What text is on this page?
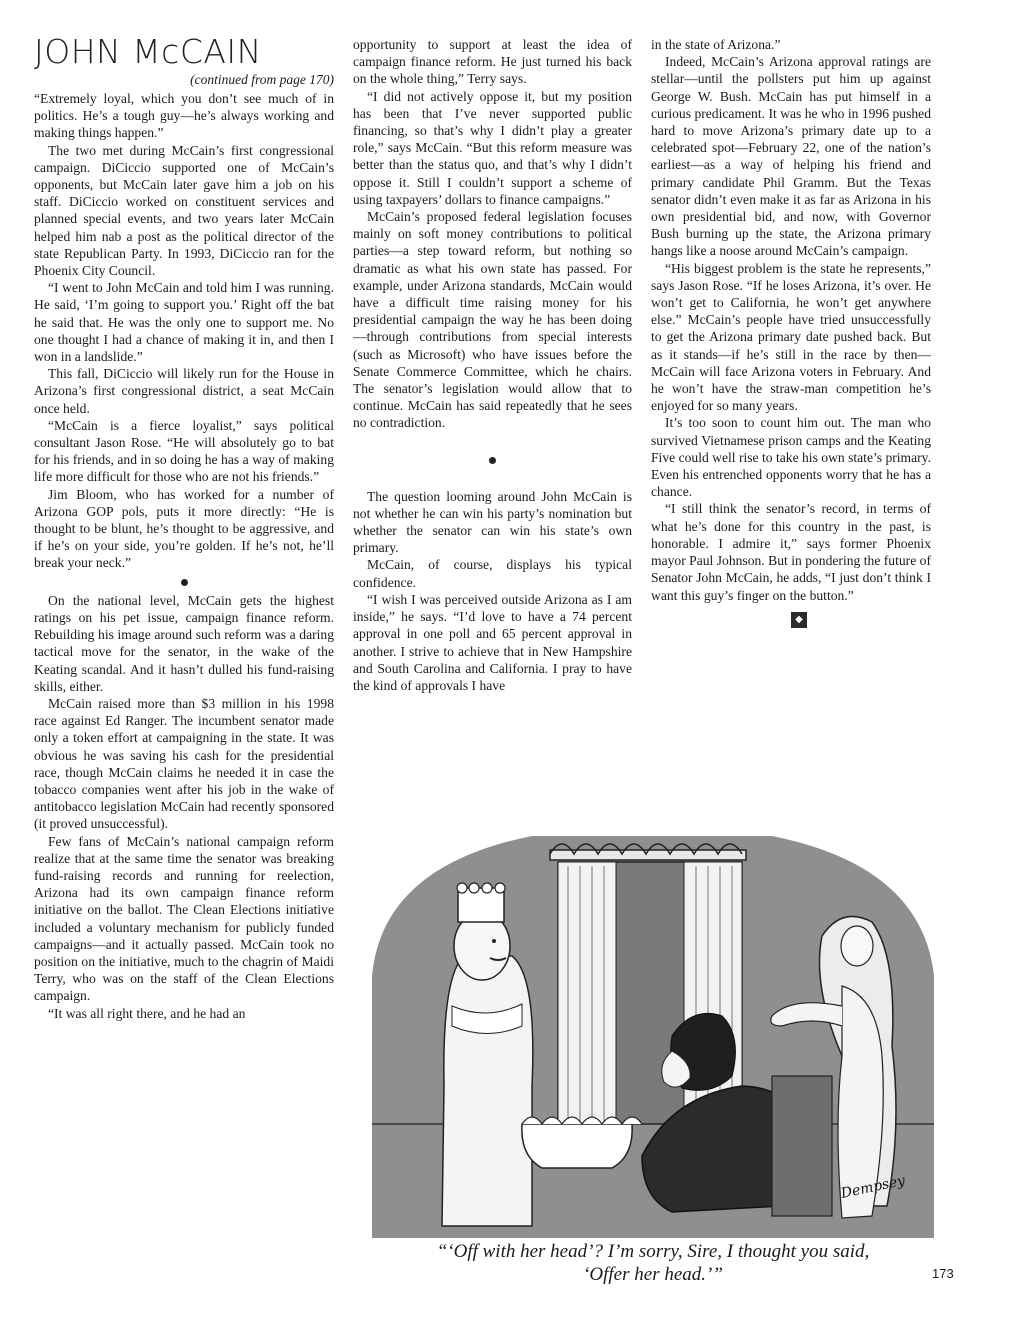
JOHN McCAIN
(continued from page 170)

“Extremely loyal, which you don’t see much of in politics. He’s a tough guy—he’s always working and making things happen.”

The two met during McCain’s first congressional campaign. DiCiccio supported one of McCain’s opponents, but McCain later gave him a job on his staff. DiCiccio worked on constituent services and planned special events, and two years later McCain helped him nab a post as the political director of the state Republican Party. In 1993, DiCiccio ran for the Phoenix City Council.

“I went to John McCain and told him I was running. He said, ‘I’m going to support you.’ Right off the bat he said that. He was the only one to support me. No one thought I had a chance of making it in, and then I won in a landslide.”

This fall, DiCiccio will likely run for the House in Arizona’s first congressional district, a seat McCain once held.

“McCain is a fierce loyalist,” says political consultant Jason Rose. “He will absolutely go to bat for his friends, and in so doing he has a way of making life more difficult for those who are not his friends.”

Jim Bloom, who has worked for a number of Arizona GOP pols, puts it more directly: “He is thought to be blunt, he’s thought to be aggressive, and if he’s on your side, you’re golden. If he’s not, he’ll break your neck.”

On the national level, McCain gets the highest ratings on his pet issue, campaign finance reform. Rebuilding his image around such reform was a daring tactical move for the senator, in the wake of the Keating scandal. And it hasn’t dulled his fund-raising skills, either.

McCain raised more than $3 million in his 1998 race against Ed Ranger. The incumbent senator made only a token effort at campaigning in the state. It was obvious he was saving his cash for the presidential race, though McCain claims he needed it in case the tobacco companies went after his job in the wake of antitobacco legislation McCain had recently sponsored (it proved unsuccessful).

Few fans of McCain’s national campaign reform realize that at the same time the senator was breaking fund-raising records and running for reelection, Arizona had its own campaign finance reform initiative on the ballot. The Clean Elections initiative included a voluntary mechanism for publicly funded campaigns—and it actually passed. McCain took no position on the initiative, much to the chagrin of Maidi Terry, who was on the staff of the Clean Elections campaign.

“It was all right there, and he had an

opportunity to support at least the idea of campaign finance reform. He just turned his back on the whole thing,” Terry says.

“I did not actively oppose it, but my position has been that I’ve never supported public financing, so that’s why I didn’t play a greater role,” says McCain. “But this reform measure was better than the status quo, and that’s why I didn’t oppose it. Still I couldn’t support a scheme of using taxpayers’ dollars to finance campaigns.”

McCain’s proposed federal legislation focuses mainly on soft money contributions to political parties—a step toward reform, but nothing so dramatic as what his own state has passed. For example, under Arizona standards, McCain would have a difficult time raising money for his presidential campaign the way he has been doing—through contributions from special interests (such as Microsoft) who have issues before the Senate Commerce Committee, which he chairs. The senator’s legislation would allow that to continue. McCain has said repeatedly that he sees no contradiction.

The question looming around John McCain is not whether he can win his party’s nomination but whether the senator can win his state’s own primary.

McCain, of course, displays his typical confidence.

“I wish I was perceived outside Arizona as I am inside,” he says. “I’d love to have a 74 percent approval in one poll and 65 percent approval in another. I strive to achieve that in New Hampshire and South Carolina and California. I pray to have the kind of approvals I have

in the state of Arizona.”

Indeed, McCain’s Arizona approval ratings are stellar—until the pollsters put him up against George W. Bush. McCain has put himself in a curious predicament. It was he who in 1996 pushed hard to move Arizona’s primary date up to a celebrated spot—February 22, one of the nation’s earliest—as a way of helping his friend and primary candidate Phil Gramm. But the Texas senator didn’t even make it as far as Arizona in his own presidential bid, and now, with Governor Bush burning up the state, the Arizona primary hangs like a noose around McCain’s campaign.

“His biggest problem is the state he represents,” says Jason Rose. “If he loses Arizona, it’s over. He won’t get to California, he won’t get anywhere else.” McCain’s people have tried unsuccessfully to get the Arizona primary date pushed back. But as it stands—if he’s still in the race by then—McCain will face Arizona voters in February. And he won’t have the straw-man competition he’s enjoyed for so many years.

It’s too soon to count him out. The man who survived Vietnamese prison camps and the Keating Five could well rise to take his own state’s primary. Even his entrenched opponents worry that he has a chance.

“I still think the senator’s record, in terms of what he’s done for this country in the past, is honorable. I admire it,” says former Phoenix mayor Paul Johnson. But in pondering the future of Senator John McCain, he adds, “I just don’t think I want this guy’s finger on the button.”

◆
Dempsey
“‘Off with her head’? I’m sorry, Sire, I thought you said,
‘Offer her head.’”	173
